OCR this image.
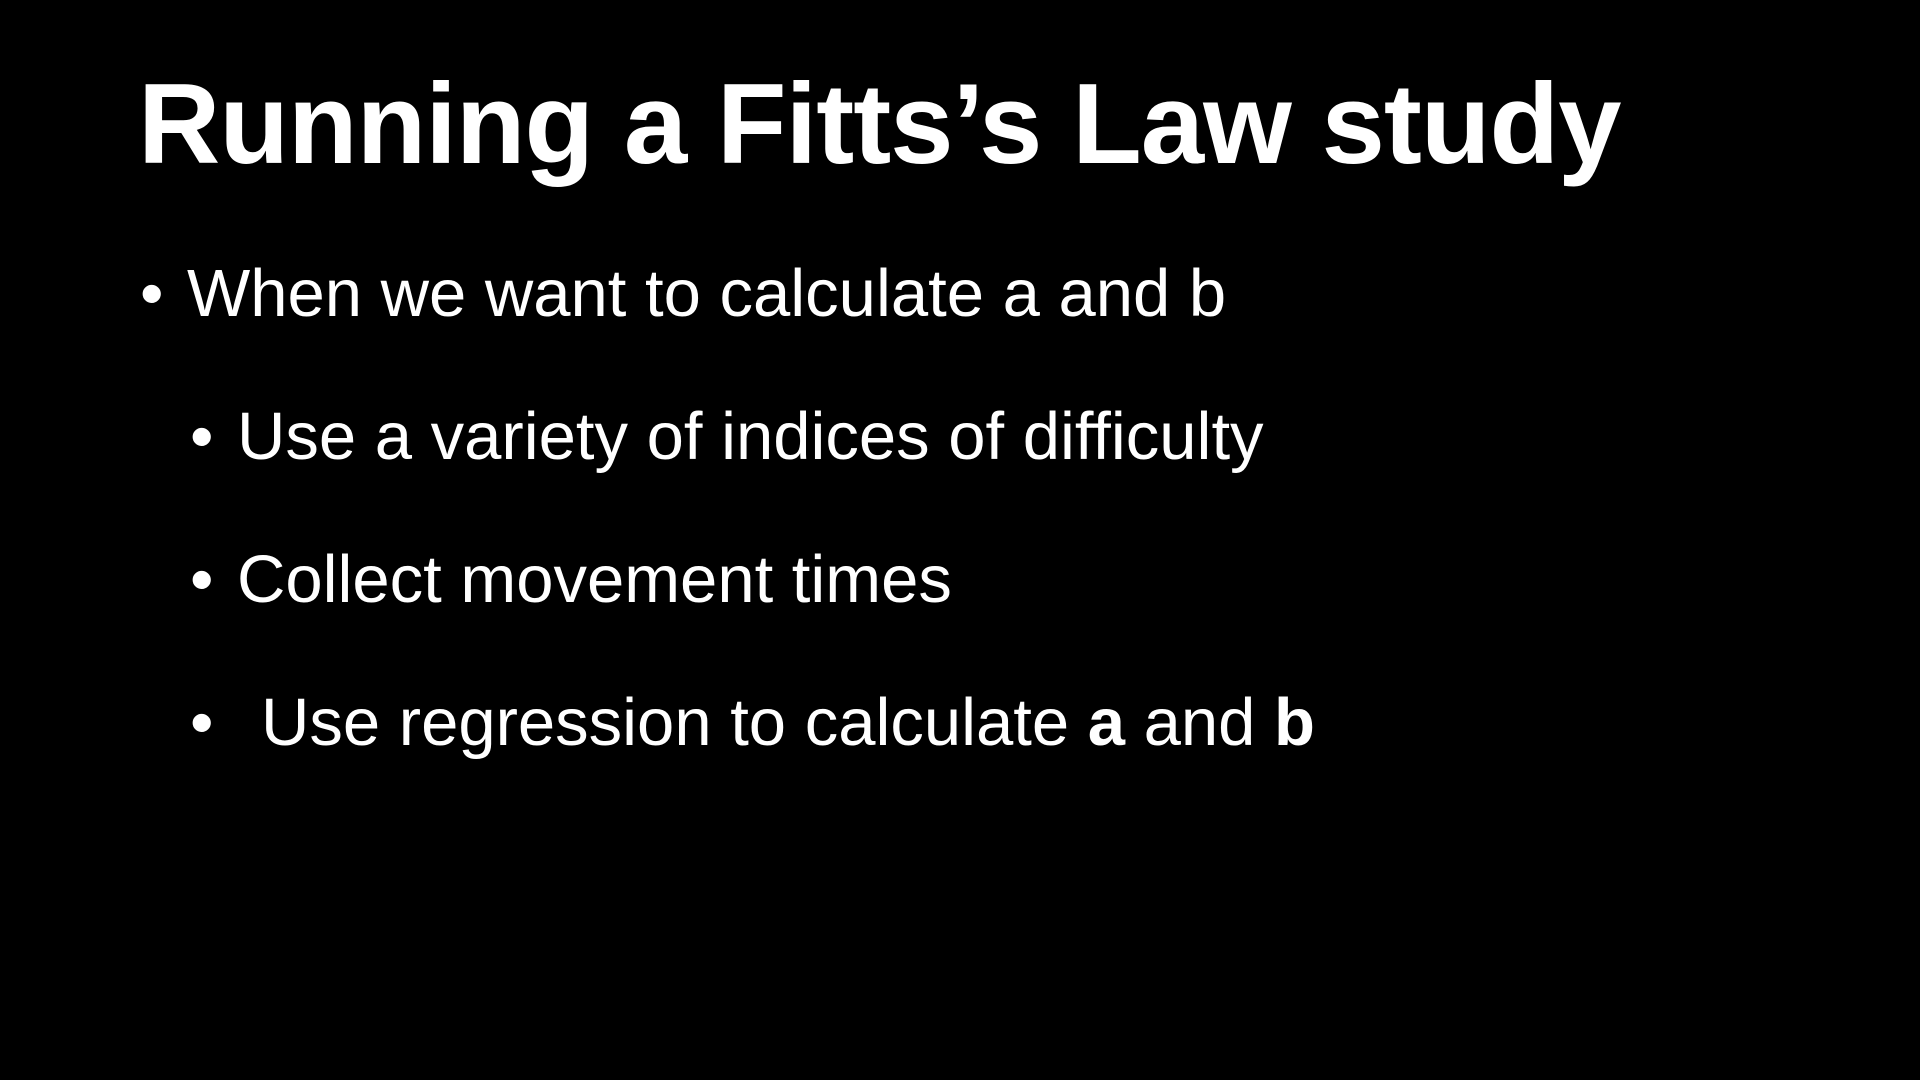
Running a Fitts’s Law study
• When we want to calculate a and b
• Use a variety of indices of difficulty
• Collect movement times
• Use regression to calculate a and b
